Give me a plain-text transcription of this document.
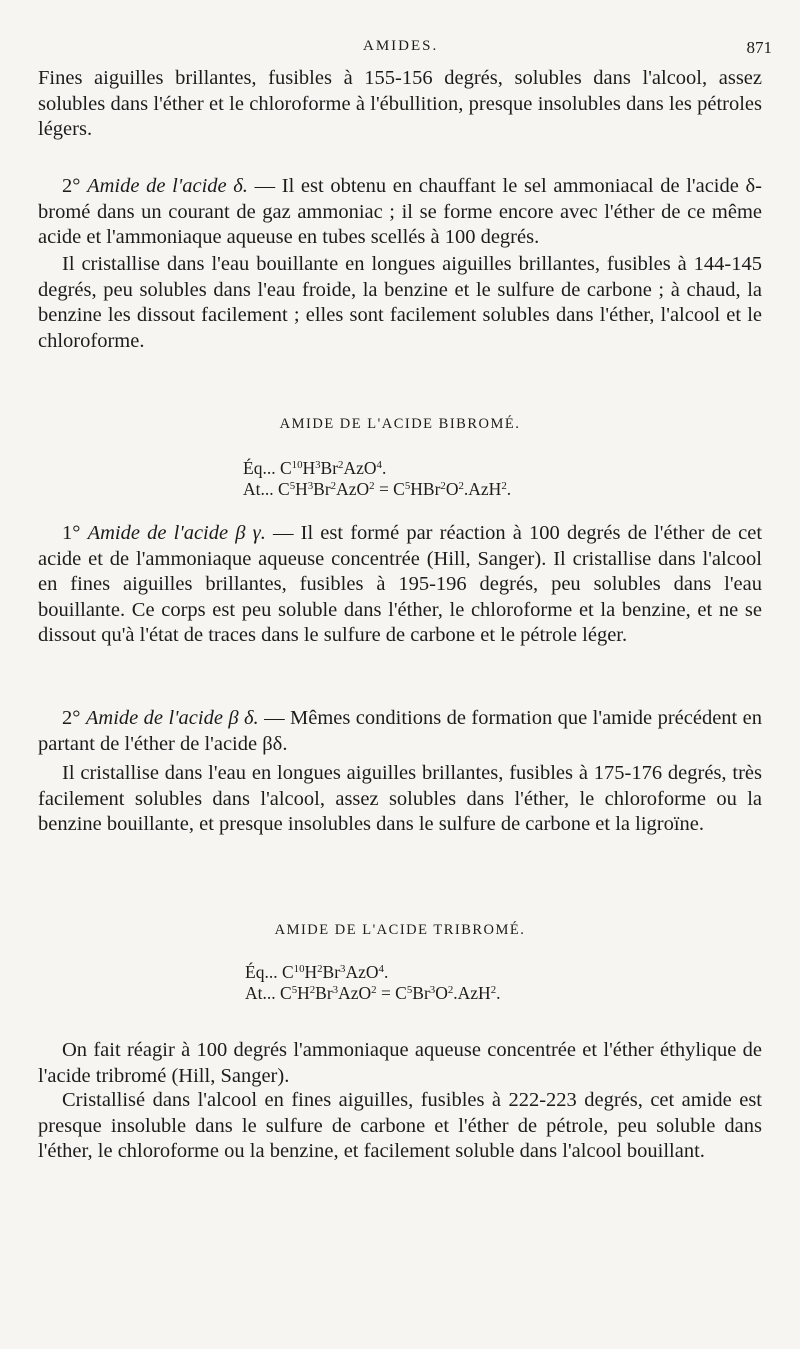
AMIDES.	871

Fines aiguilles brillantes, fusibles à 155-156 degrés, solubles dans l'alcool, assez solubles dans l'éther et le chloroforme à l'ébullition, presque insolubles dans les pétroles légers.

2° Amide de l'acide δ. — Il est obtenu en chauffant le sel ammoniacal de l'acide δ-bromé dans un courant de gaz ammoniac ; il se forme encore avec l'éther de ce même acide et l'ammoniaque aqueuse en tubes scellés à 100 degrés.

Il cristallise dans l'eau bouillante en longues aiguilles brillantes, fusibles à 144-145 degrés, peu solubles dans l'eau froide, la benzine et le sulfure de carbone ; à chaud, la benzine les dissout facilement ; elles sont facilement solubles dans l'éther, l'alcool et le chloroforme.

AMIDE DE L'ACIDE BIBROMÉ.
Éq... $C^{10}H^3Br^2AzO^4$.
At... $C^5H^3Br^2AzO^2 = C^5HBr^2O^2.AzH^2$.

1° Amide de l'acide β γ. — Il est formé par réaction à 100 degrés de l'éther de cet acide et de l'ammoniaque aqueuse concentrée (Hill, Sanger). Il cristallise dans l'alcool en fines aiguilles brillantes, fusibles à 195-196 degrés, peu solubles dans l'eau bouillante. Ce corps est peu soluble dans l'éther, le chloroforme et la benzine, et ne se dissout qu'à l'état de traces dans le sulfure de carbone et le pétrole léger.

2° Amide de l'acide β δ. — Mêmes conditions de formation que l'amide précédent en partant de l'éther de l'acide βδ.

Il cristallise dans l'eau en longues aiguilles brillantes, fusibles à 175-176 degrés, très facilement solubles dans l'alcool, assez solubles dans l'éther, le chloroforme ou la benzine bouillante, et presque insolubles dans le sulfure de carbone et la ligroïne.

AMIDE DE L'ACIDE TRIBROMÉ.
Éq... $C^{10}H^2Br^3AzO^4$.
At... $C^5H^2Br^3AzO^2 = C^5Br^3O^2.AzH^2$.

On fait réagir à 100 degrés l'ammoniaque aqueuse concentrée et l'éther éthylique de l'acide tribromé (Hill, Sanger).

Cristallisé dans l'alcool en fines aiguilles, fusibles à 222-223 degrés, cet amide est presque insoluble dans le sulfure de carbone et l'éther de pétrole, peu soluble dans l'éther, le chloroforme ou la benzine, et facilement soluble dans l'alcool bouillant.
